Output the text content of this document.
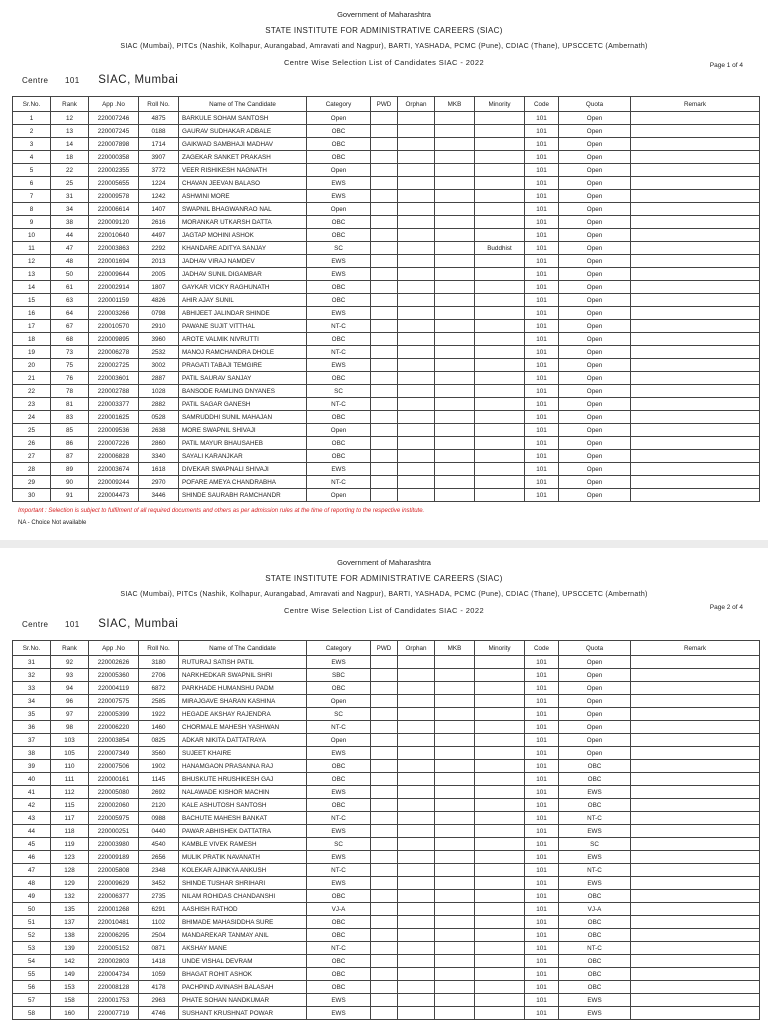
Government of Maharashtra
STATE INSTITUTE FOR ADMINISTRATIVE CAREERS (SIAC)
SIAC (Mumbai), PITCs (Nashik, Kolhapur, Aurangabad, Amravati and Nagpur), BARTI, YASHADA, PCMC (Pune), CDIAC (Thane), UPSCCETC (Ambernath)
Centre Wise Selection List of Candidates SIAC - 2022	Page 1 of 4
Centre 101 SIAC, Mumbai
Sr.No.	Rank	App .No	Roll No.	Name of The Candidate	Category	PWD	Orphan	MKB	Minority	Code	Quota	Remark
1	12	220007246	4875	BARKULE SOHAM SANTOSH	Open					101	Open	
2	13	220007245	0188	GAURAV SUDHAKAR ADBALE	OBC					101	Open	
3	14	220007898	1714	GAIKWAD SAMBHAJI MADHAV	OBC					101	Open	
4	18	220000358	3907	ZAGEKAR SANKET PRAKASH	OBC					101	Open	
5	22	220002355	3772	VEER RISHIKESH NAGNATH	Open					101	Open	
6	25	220005655	1224	CHAVAN JEEVAN BALASO	EWS					101	Open	
7	31	220009578	1242	ASHWINI MORE	EWS					101	Open	
8	34	220006614	1407	SWAPNIL BHAGWANRAO NAL	Open					101	Open	
9	38	220009120	2616	MORANKAR UTKARSH DATTA	OBC					101	Open	
10	44	220010640	4497	JAGTAP MOHINI ASHOK	OBC					101	Open	
11	47	220003863	2292	KHANDARE ADITYA SANJAY	SC				Buddhist	101	Open	
12	48	220001694	2013	JADHAV VIRAJ NAMDEV	EWS					101	Open	
13	50	220009644	2005	JADHAV SUNIL DIGAMBAR	EWS					101	Open	
14	61	220002914	1807	GAYKAR VICKY RAGHUNATH	OBC					101	Open	
15	63	220001159	4826	AHIR AJAY SUNIL	OBC					101	Open	
16	64	220003266	0798	ABHIJEET JALINDAR SHINDE	EWS					101	Open	
17	67	220010570	2910	PAWANE SUJIT VITTHAL	NT-C					101	Open	
18	68	220009895	3960	AROTE VALMIK NIVRUTTI	OBC					101	Open	
19	73	220006278	2532	MANOJ RAMCHANDRA DHOLE	NT-C					101	Open	
20	75	220002725	3002	PRAGATI TABAJI TEMGIRE	EWS					101	Open	
21	76	220003601	2887	PATIL SAURAV SANJAY	OBC					101	Open	
22	78	220002788	1028	BANSODE RAMLING DNYANES	SC					101	Open	
23	81	220003377	2882	PATIL SAGAR GANESH	NT-C					101	Open	
24	83	220001625	0528	SAMRUDDHI SUNIL MAHAJAN	OBC					101	Open	
25	85	220009536	2638	MORE SWAPNIL SHIVAJI	Open					101	Open	
26	86	220007226	2860	PATIL MAYUR BHAUSAHEB	OBC					101	Open	
27	87	220006828	3340	SAYALI KARANJKAR	OBC					101	Open	
28	89	220003674	1618	DIVEKAR SWAPNALI SHIVAJI	EWS					101	Open	
29	90	220009244	2970	POFARE AMEYA CHANDRABHA	NT-C					101	Open	
30	91	220004473	3446	SHINDE SAURABH RAMCHANDR	Open					101	Open	
Important : Selection is subject to fulfilment of all required documents and others as per admission rules at the time of reporting to the respective institute.
NA - Choice Not available
Government of Maharashtra
STATE INSTITUTE FOR ADMINISTRATIVE CAREERS (SIAC)
SIAC (Mumbai), PITCs (Nashik, Kolhapur, Aurangabad, Amravati and Nagpur), BARTI, YASHADA, PCMC (Pune), CDIAC (Thane), UPSCCETC (Ambernath)
Centre Wise Selection List of Candidates SIAC - 2022	Page 2 of 4
Centre 101 SIAC, Mumbai
Sr.No.	Rank	App .No	Roll No.	Name of The Candidate	Category	PWD	Orphan	MKB	Minority	Code	Quota	Remark
31	92	220002626	3180	RUTURAJ SATISH PATIL	EWS					101	Open	
32	93	220005360	2706	NARKHEDKAR SWAPNIL SHRI	SBC					101	Open	
33	94	220004119	6872	PARKHADE HUMANSHU PADM	OBC					101	Open	
34	96	220007575	2585	MIRAJGAVE SHARAN KASHINA	Open					101	Open	
35	97	220005399	1922	HEGADE AKSHAY RAJENDRA	SC					101	Open	
36	98	220006220	1460	CHORMALE MAHESH YASHWAN	NT-C					101	Open	
37	103	220003854	0825	ADKAR NIKITA DATTATRAYA	Open					101	Open	
38	105	220007349	3560	SUJEET KHAIRE	EWS					101	Open	
39	110	220007506	1902	HANAMGAON PRASANNA RAJ	OBC					101	OBC	
40	111	220000161	1145	BHUSKUTE HRUSHIKESH GAJ	OBC					101	OBC	
41	112	220005080	2692	NALAWADE KISHOR MACHIN	EWS					101	EWS	
42	115	220002060	2120	KALE ASHUTOSH SANTOSH	OBC					101	OBC	
43	117	220005975	0988	BACHUTE MAHESH BANKAT	NT-C					101	NT-C	
44	118	220000251	0440	PAWAR ABHISHEK DATTATRA	EWS					101	EWS	
45	119	220003980	4540	KAMBLE VIVEK RAMESH	SC					101	SC	
46	123	220009189	2656	MULIK PRATIK NAVANATH	EWS					101	EWS	
47	128	220005808	2348	KOLEKAR AJINKYA ANKUSH	NT-C					101	NT-C	
48	129	220009629	3452	SHINDE TUSHAR SHRIHARI	EWS					101	EWS	
49	132	220006377	2735	NILAM ROHIDAS CHANDANSHI	OBC					101	OBC	
50	135	220001268	6291	AASHISH RATHOD	VJ-A					101	VJ-A	
51	137	220010481	1102	BHIMADE MAHASIDDHA SURE	OBC					101	OBC	
52	138	220006295	2504	MANDAREKAR TANMAY ANIL	OBC					101	OBC	
53	139	220005152	0871	AKSHAY MANE	NT-C					101	NT-C	
54	142	220002803	1418	UNDE VISHAL DEVRAM	OBC					101	OBC	
55	149	220004734	1059	BHAGAT ROHIT ASHOK	OBC					101	OBC	
56	153	220008128	4178	PACHPIND AVINASH BALASAH	OBC					101	OBC	
57	158	220001753	2963	PHATE SOHAN NANDKUMAR	EWS					101	EWS	
58	160	220007719	4746	SUSHANT KRUSHNAT POWAR	EWS					101	EWS	
